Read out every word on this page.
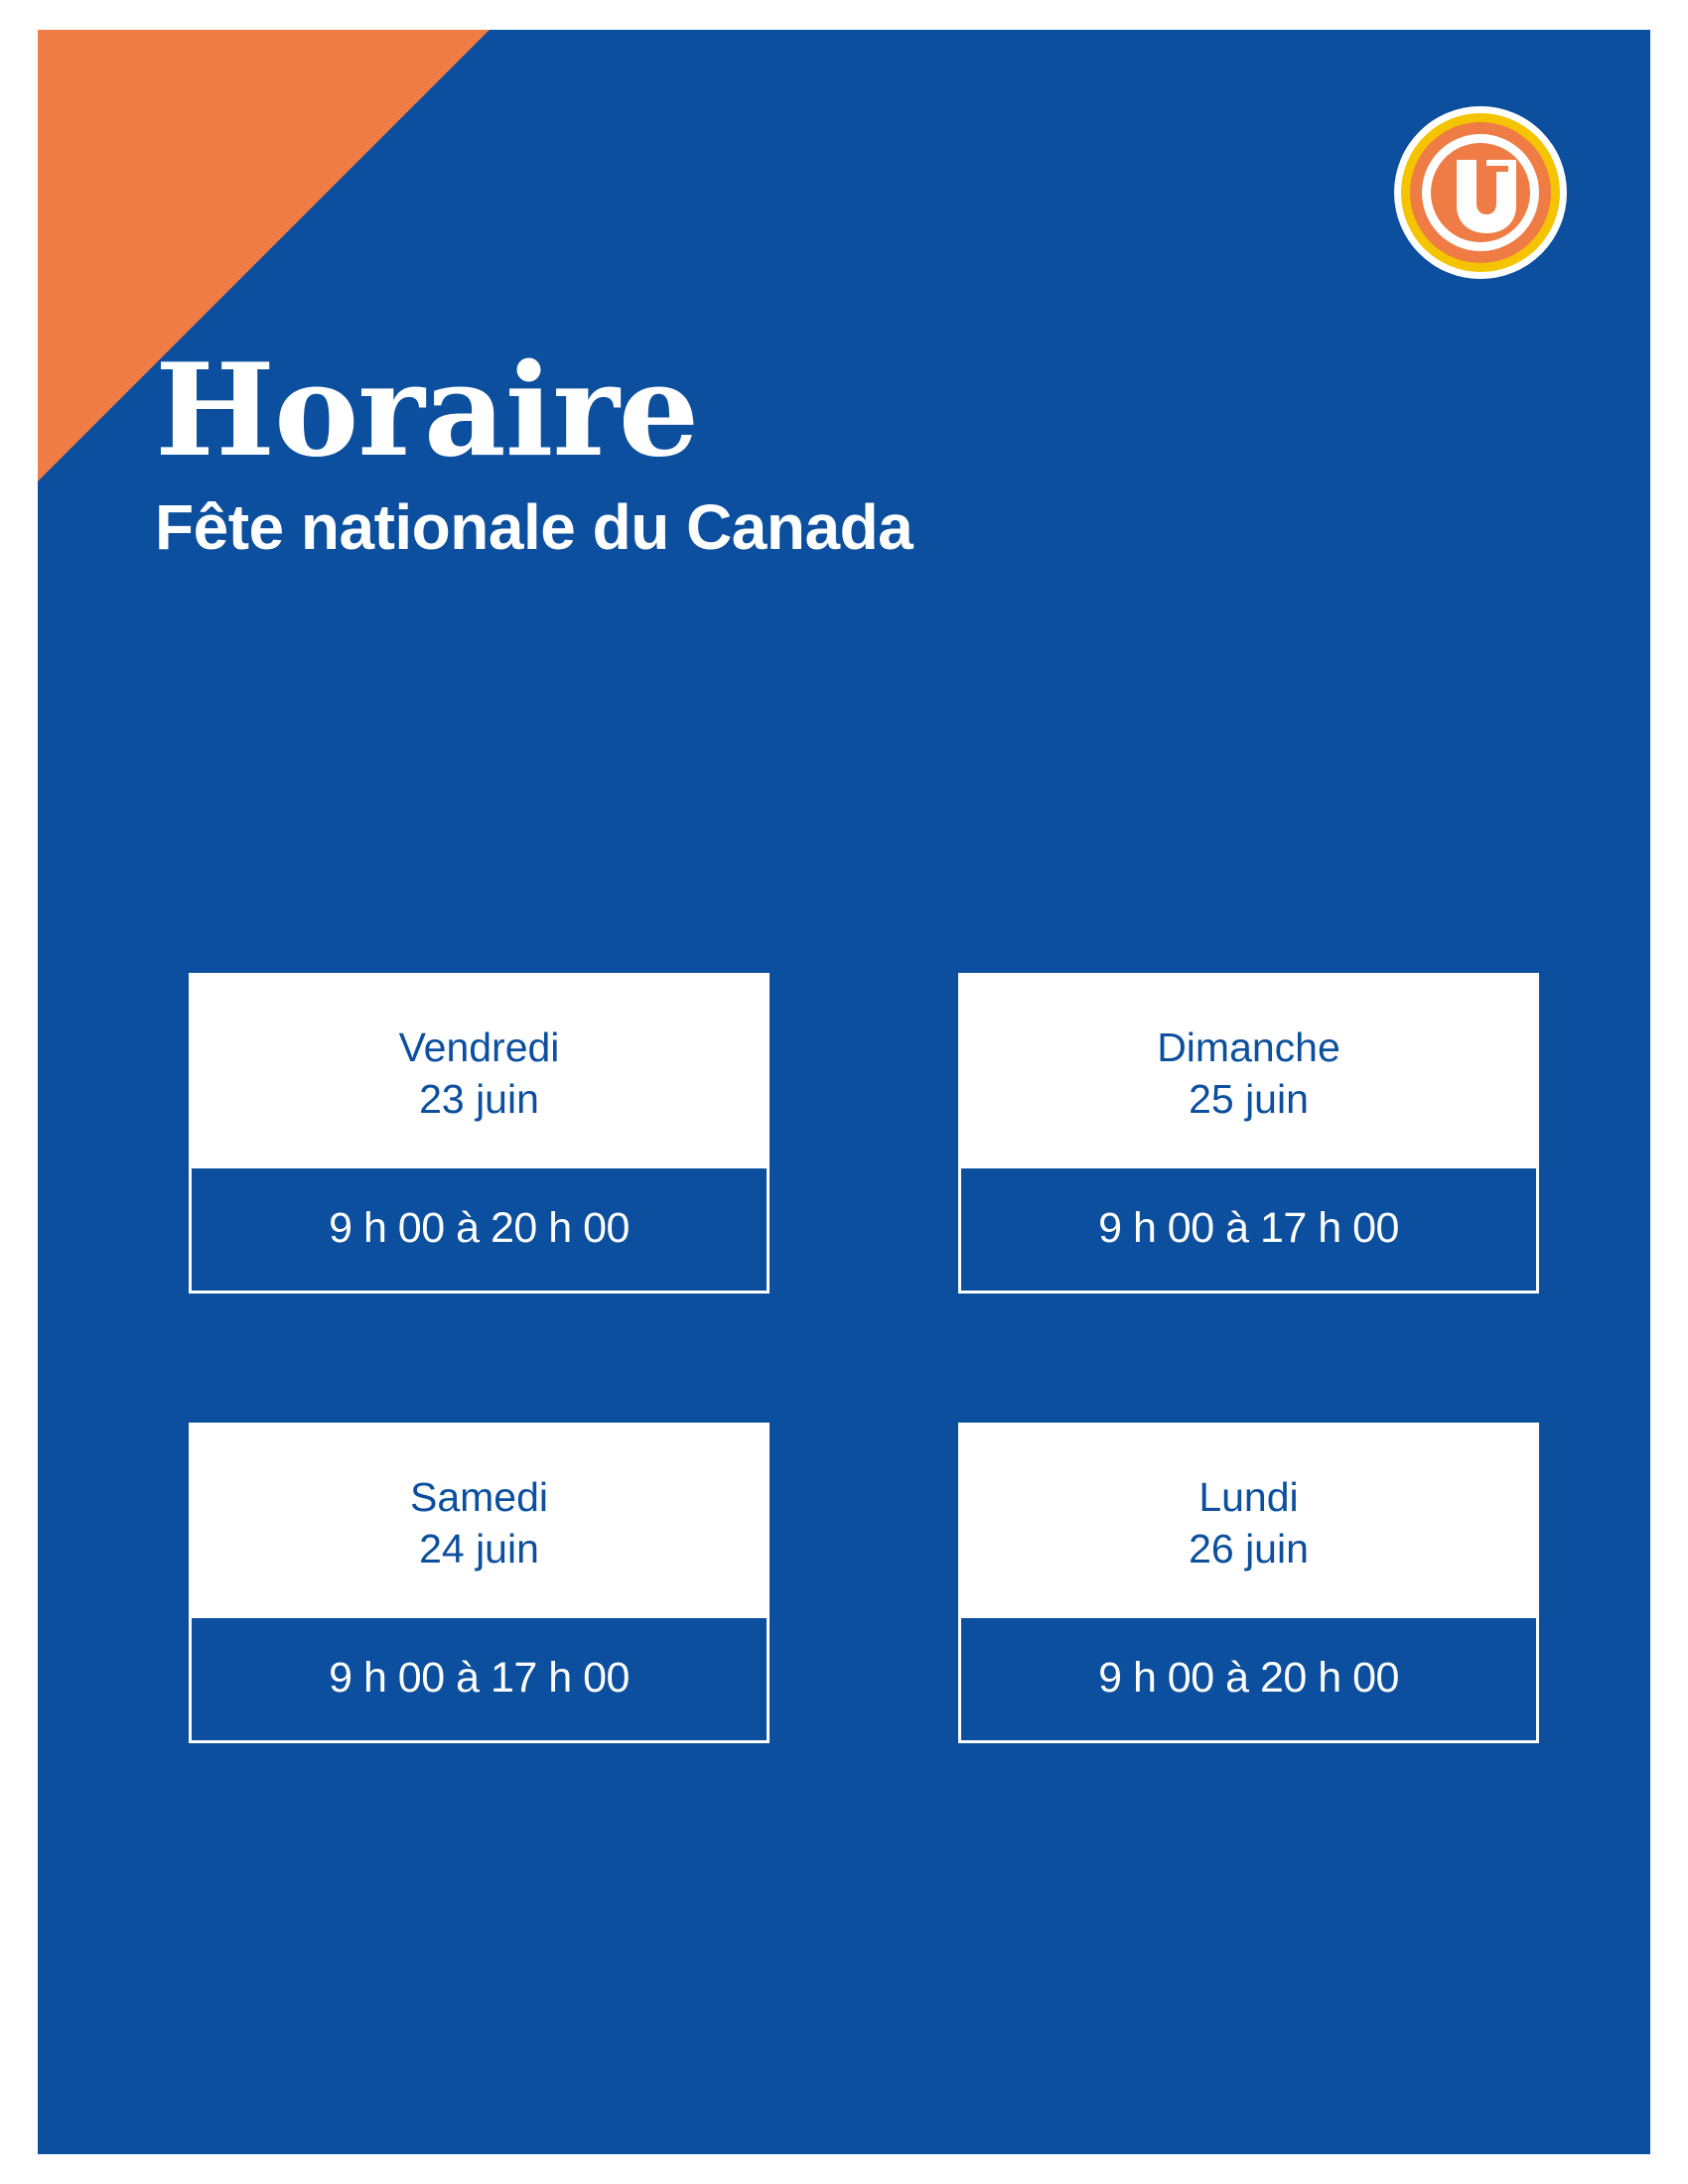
Horaire
Fête nationale du Canada
Vendredi
23 juin
9 h 00 à 20 h 00
Dimanche
25 juin
9 h 00 à 17 h 00
Samedi
24 juin
9 h 00 à 17 h 00
Lundi
26 juin
9 h 00 à 20 h 00
